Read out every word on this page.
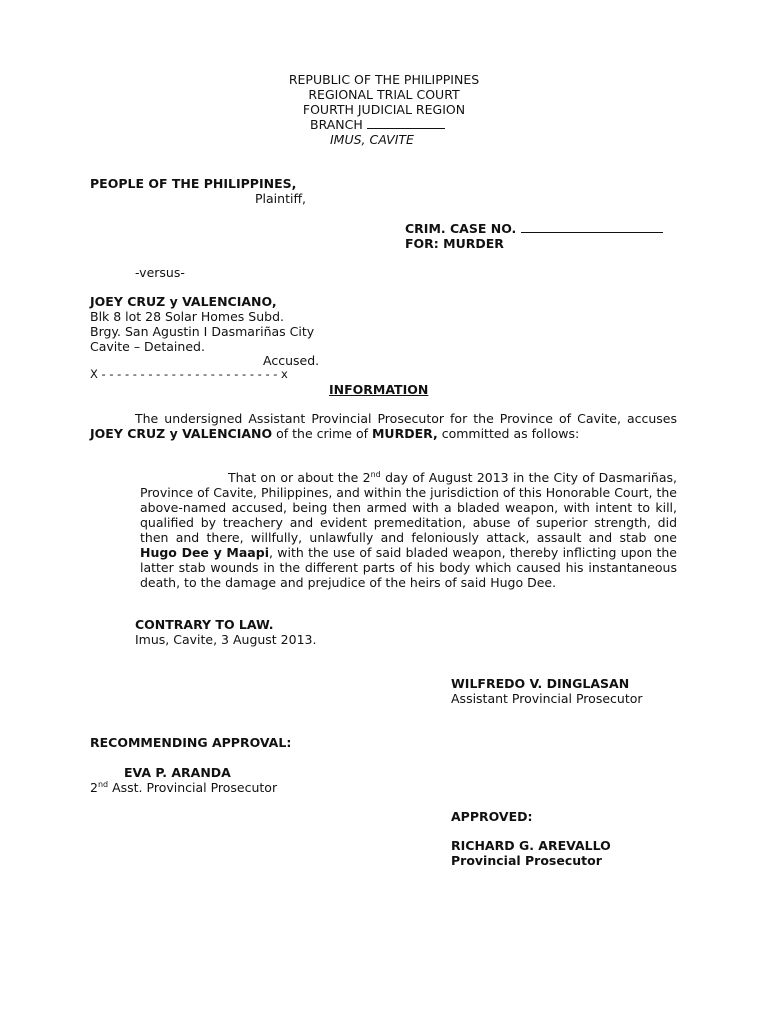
REPUBLIC OF THE PHILIPPINES
REGIONAL TRIAL COURT
FOURTH JUDICIAL REGION
BRANCH
IMUS, CAVITE
PEOPLE OF THE PHILIPPINES,
Plaintiff,
CRIM. CASE NO.
FOR: MURDER
-versus-
JOEY CRUZ y VALENCIANO,
Blk 8 lot 28 Solar Homes Subd.
Brgy. San Agustin I Dasmariñas City
Cavite – Detained.
Accused.
X - - - - - - - - - - - - - - - - - - - - - - - x
INFORMATION
The undersigned Assistant Provincial Prosecutor for the Province of Cavite, accuses JOEY CRUZ y VALENCIANO of the crime of MURDER, committed as follows:
That on or about the 2nd day of August 2013 in the City of Dasmariñas, Province of Cavite, Philippines, and within the jurisdiction of this Honorable Court, the above-named accused, being then armed with a bladed weapon, with intent to kill, qualified by treachery and evident premeditation, abuse of superior strength, did then and there, willfully, unlawfully and feloniously attack, assault and stab one Hugo Dee y Maapi, with the use of said bladed weapon, thereby inflicting upon the latter stab wounds in the different parts of his body which caused his instantaneous death, to the damage and prejudice of the heirs of said Hugo Dee.
CONTRARY TO LAW.
Imus, Cavite, 3 August 2013.
WILFREDO V. DINGLASAN
Assistant Provincial Prosecutor
RECOMMENDING APPROVAL:
EVA P. ARANDA
2nd Asst. Provincial Prosecutor
APPROVED:
RICHARD G. AREVALLO
Provincial Prosecutor
